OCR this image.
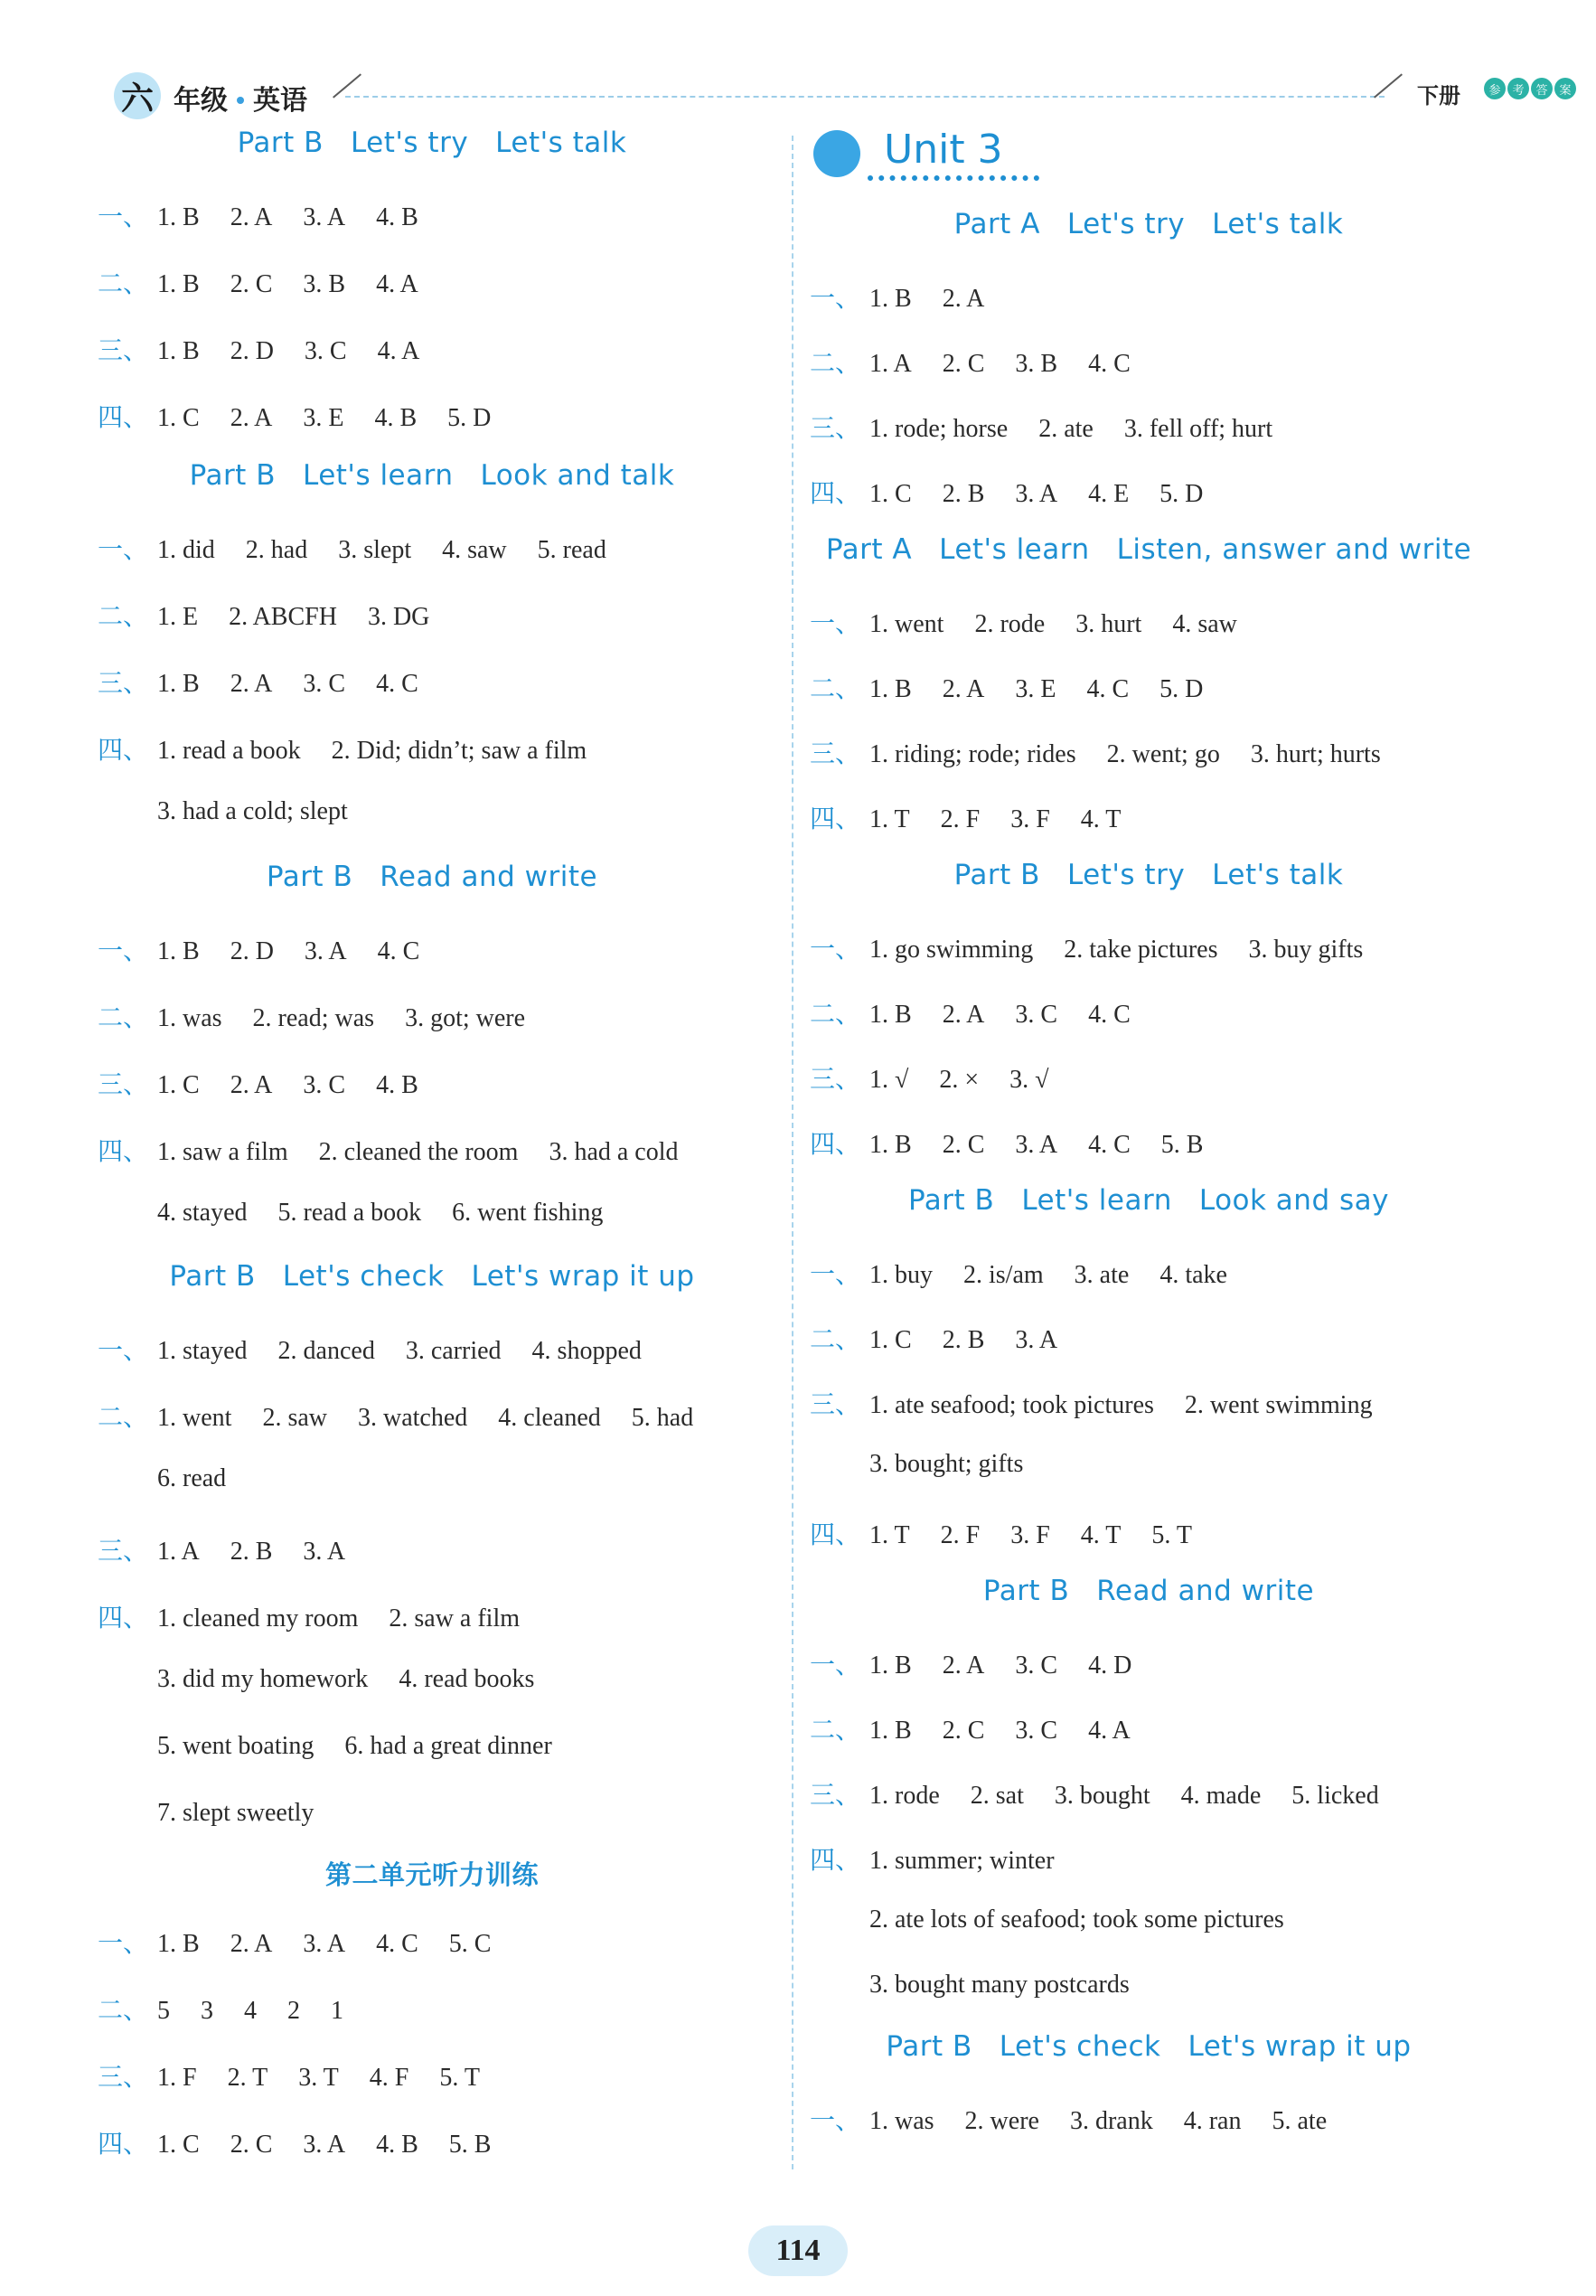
六 年级 英语	下册	参 考 答 案
Part B Let's try Let's talk
一、 1. B 2. A 3. A 4. B
二、 1. B 2. C 3. B 4. A
三、 1. B 2. D 3. C 4. A
四、 1. C 2. A 3. E 4. B 5. D
Part B Let's learn Look and talk
一、 1. did 2. had 3. slept 4. saw 5. read
二、 1. E 2. ABCFH 3. DG
三、 1. B 2. A 3. C 4. C
四、 1. read a book 2. Did; didn’t; saw a film
3. had a cold; slept
Part B Read and write
一、 1. B 2. D 3. A 4. C
二、 1. was 2. read; was 3. got; were
三、 1. C 2. A 3. C 4. B
四、 1. saw a film 2. cleaned the room 3. had a cold
4. stayed 5. read a book 6. went fishing
Part B Let's check Let's wrap it up
一、 1. stayed 2. danced 3. carried 4. shopped
二、 1. went 2. saw 3. watched 4. cleaned 5. had
6. read
三、 1. A 2. B 3. A
四、 1. cleaned my room 2. saw a film
3. did my homework 4. read books
5. went boating 6. had a great dinner
7. slept sweetly
第二单元听力训练
一、 1. B 2. A 3. A 4. C 5. C
二、 5 3 4 2 1
三、 1. F 2. T 3. T 4. F 5. T
四、 1. C 2. C 3. A 4. B 5. B
Unit 3
Part A Let's try Let's talk
一、 1. B 2. A
二、 1. A 2. C 3. B 4. C
三、 1. rode; horse 2. ate 3. fell off; hurt
四、 1. C 2. B 3. A 4. E 5. D
Part A Let's learn Listen, answer and write
一、 1. went 2. rode 3. hurt 4. saw
二、 1. B 2. A 3. E 4. C 5. D
三、 1. riding; rode; rides 2. went; go 3. hurt; hurts
四、 1. T 2. F 3. F 4. T
Part B Let's try Let's talk
一、 1. go swimming 2. take pictures 3. buy gifts
二、 1. B 2. A 3. C 4. C
三、 1. √ 2. × 3. √
四、 1. B 2. C 3. A 4. C 5. B
Part B Let's learn Look and say
一、 1. buy 2. is/am 3. ate 4. take
二、 1. C 2. B 3. A
三、 1. ate seafood; took pictures 2. went swimming
3. bought; gifts
四、 1. T 2. F 3. F 4. T 5. T
Part B Read and write
一、 1. B 2. A 3. C 4. D
二、 1. B 2. C 3. C 4. A
三、 1. rode 2. sat 3. bought 4. made 5. licked
四、 1. summer; winter
2. ate lots of seafood; took some pictures
3. bought many postcards
Part B Let's check Let's wrap it up
一、 1. was 2. were 3. drank 4. ran 5. ate
114
